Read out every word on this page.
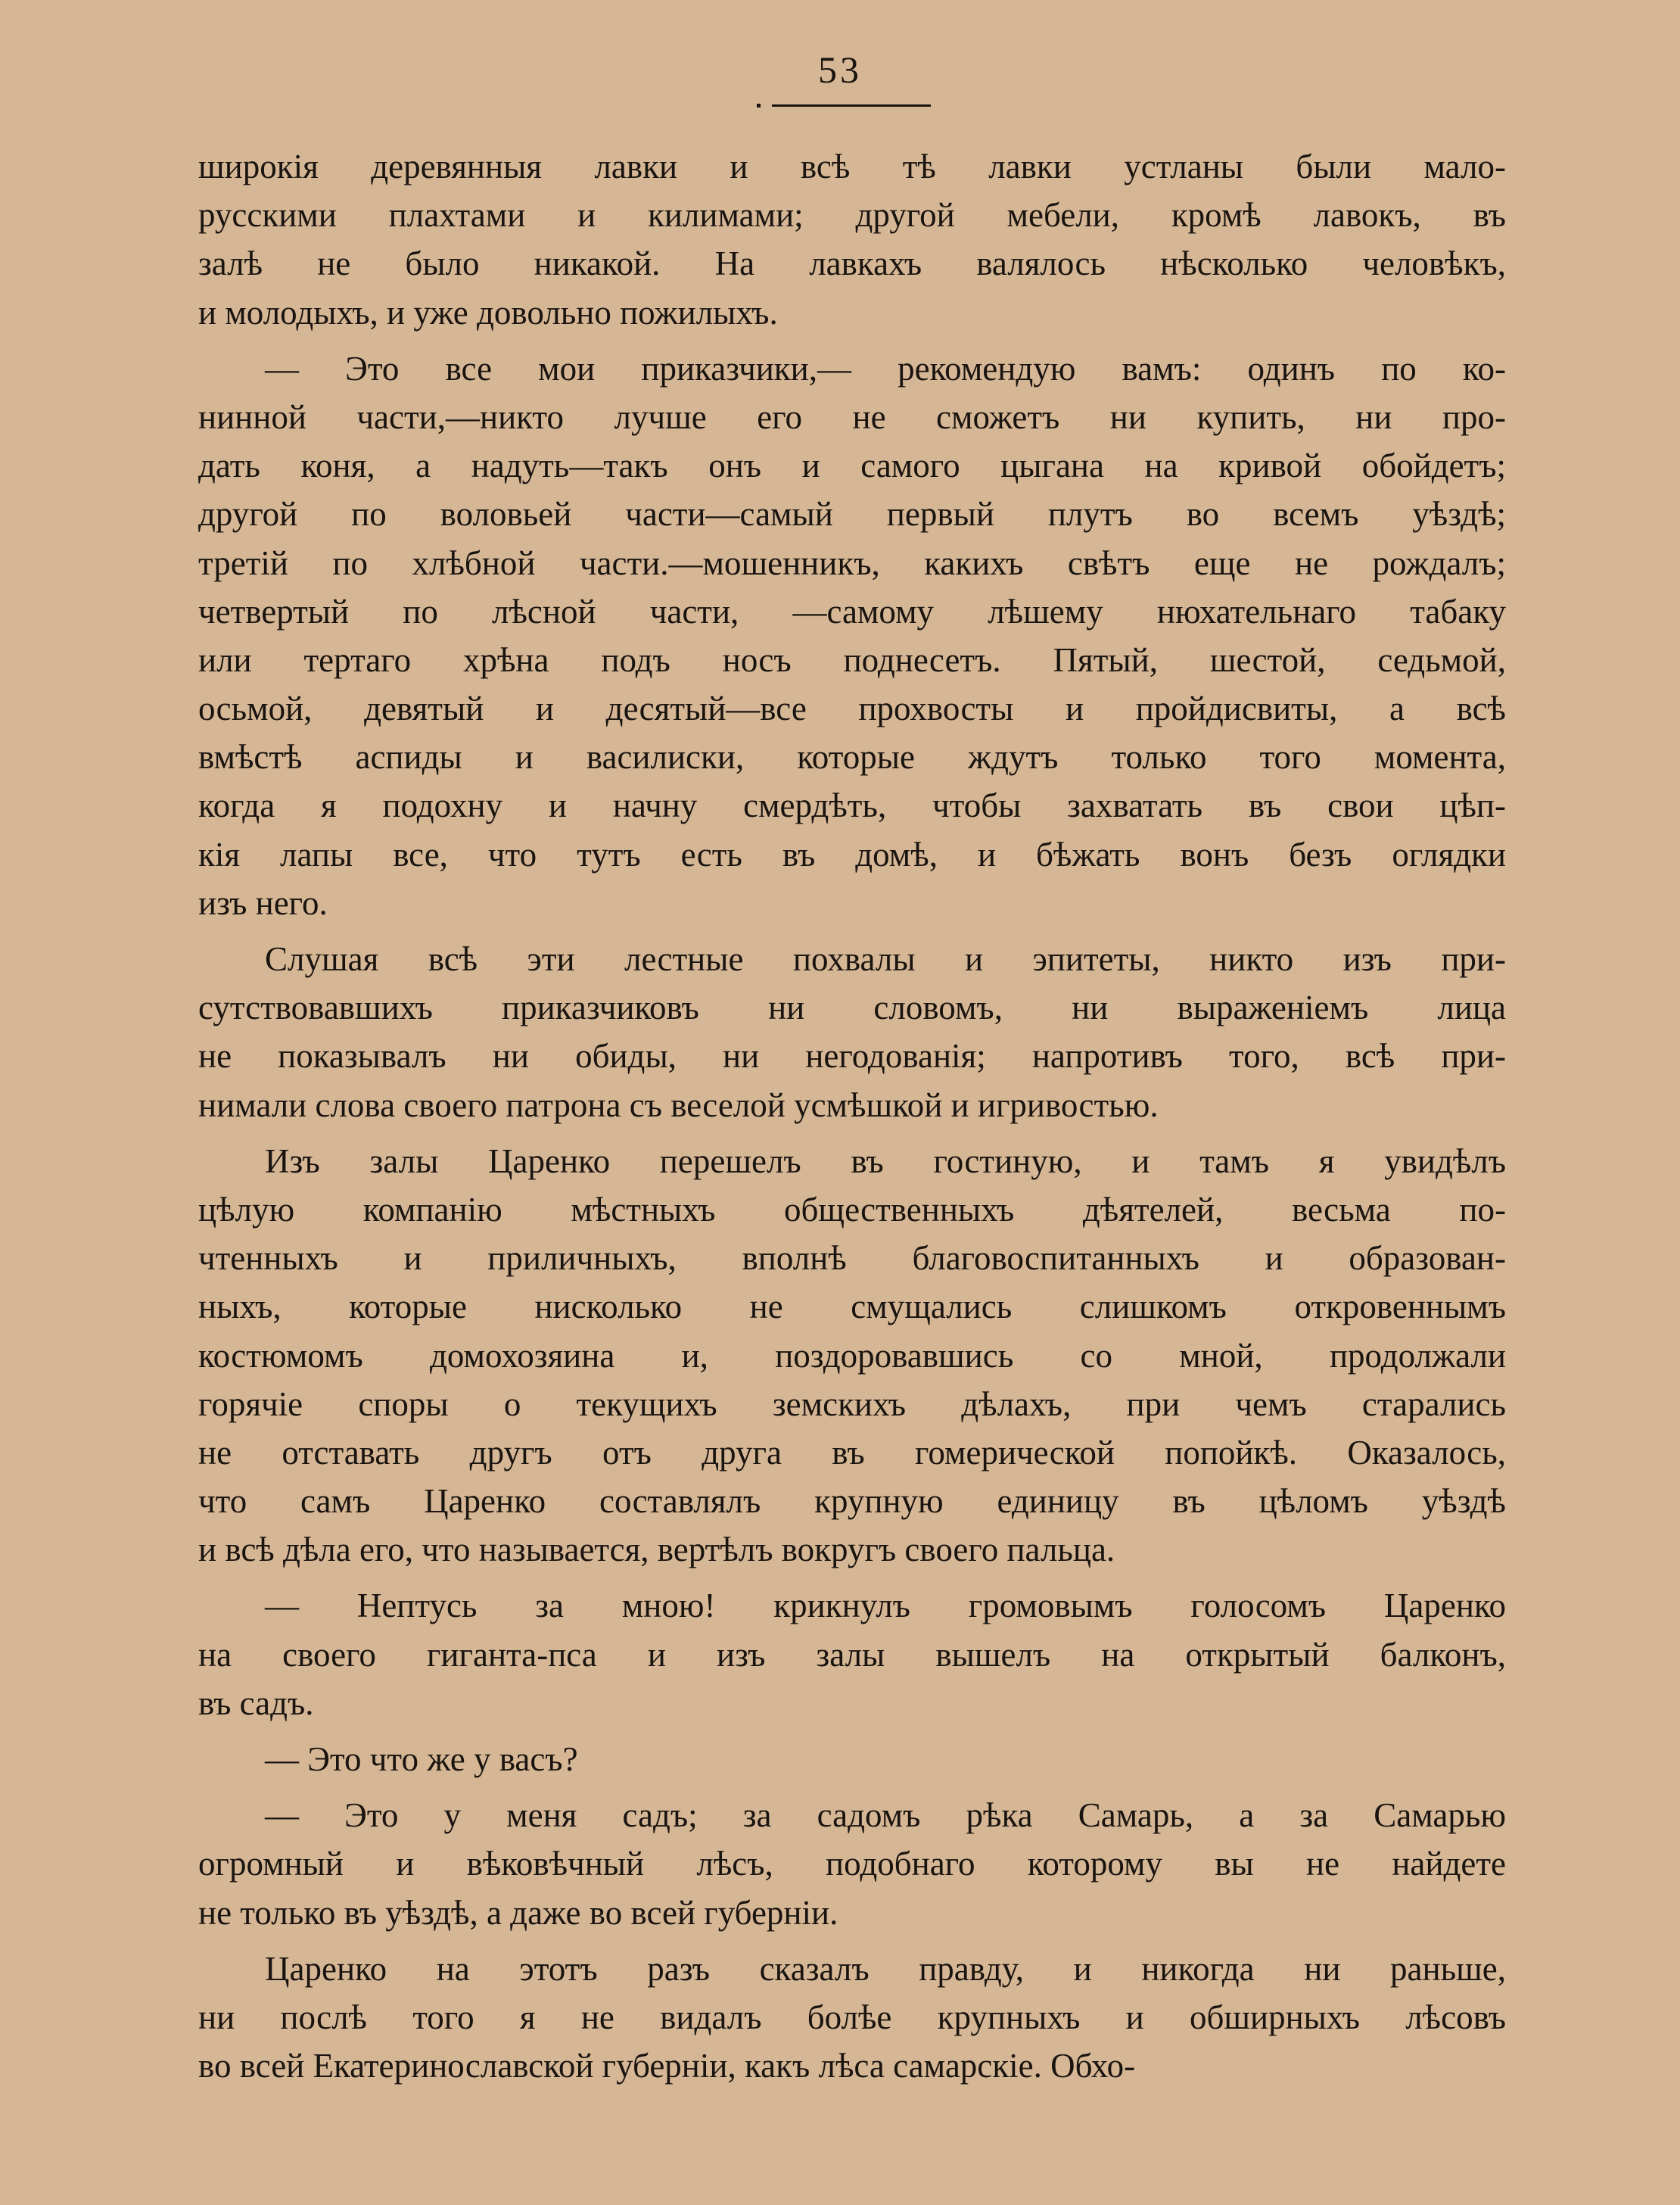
53
широкія деревянныя лавки и всѣ тѣ лавки устланы были мало-
русскими плахтами и килимами; другой мебели, кромѣ лавокъ, въ
залѣ не было никакой. На лавкахъ валялось нѣсколько человѣкъ,
и молодыхъ, и уже довольно пожилыхъ.
— Это все мои приказчики,— рекомендую вамъ: одинъ по ко-
нинной части,—никто лучше его не сможетъ ни купить, ни про-
дать коня, а надуть—такъ онъ и самого цыгана на кривой обойдетъ;
другой по воловьей части—самый первый плутъ во всемъ уѣздѣ;
третій по хлѣбной части.—мошенникъ, какихъ свѣтъ еще не рождалъ;
четвертый по лѣсной части, —самому лѣшему нюхательнаго табаку
или тертаго хрѣна подъ носъ поднесетъ. Пятый, шестой, седьмой,
осьмой, девятый и десятый—все прохвосты и пройдисвиты, а всѣ
вмѣстѣ аспиды и василиски, которые ждутъ только того момента,
когда я подохну и начну смердѣть, чтобы захватать въ свои цѣп-
кія лапы все, что тутъ есть въ домѣ, и бѣжать вонъ безъ оглядки
изъ него.
Слушая всѣ эти лестные похвалы и эпитеты, никто изъ при-
сутствовавшихъ приказчиковъ ни словомъ, ни выраженіемъ лица
не показывалъ ни обиды, ни негодованія; напротивъ того, всѣ при-
нимали слова своего патрона съ веселой усмѣшкой и игривостью.
Изъ залы Царенко перешелъ въ гостиную, и тамъ я увидѣлъ
цѣлую компанію мѣстныхъ общественныхъ дѣятелей, весьма по-
чтенныхъ и приличныхъ, вполнѣ благовоспитанныхъ и образован-
ныхъ, которые нисколько не смущались слишкомъ откровеннымъ
костюмомъ домохозяина и, поздоровавшись со мной, продолжали
горячіе споры о текущихъ земскихъ дѣлахъ, при чемъ старались
не отставать другъ отъ друга въ гомерической попойкѣ. Оказалось,
что самъ Царенко составлялъ крупную единицу въ цѣломъ уѣздѣ
и всѣ дѣла его, что называется, вертѣлъ вокругъ своего пальца.
— Нептусь за мною! крикнулъ громовымъ голосомъ Царенко
на своего гиганта-пса и изъ залы вышелъ на открытый балконъ,
въ садъ.
— Это что же у васъ?
— Это у меня садъ; за садомъ рѣка Самарь, а за Самарью
огромный и вѣковѣчный лѣсъ, подобнаго которому вы не найдете
не только въ уѣздѣ, а даже во всей губерніи.
Царенко на этотъ разъ сказалъ правду, и никогда ни раньше,
ни послѣ того я не видалъ болѣе крупныхъ и обширныхъ лѣсовъ
во всей Екатеринославской губерніи, какъ лѣса самарскіе. Обхо-
